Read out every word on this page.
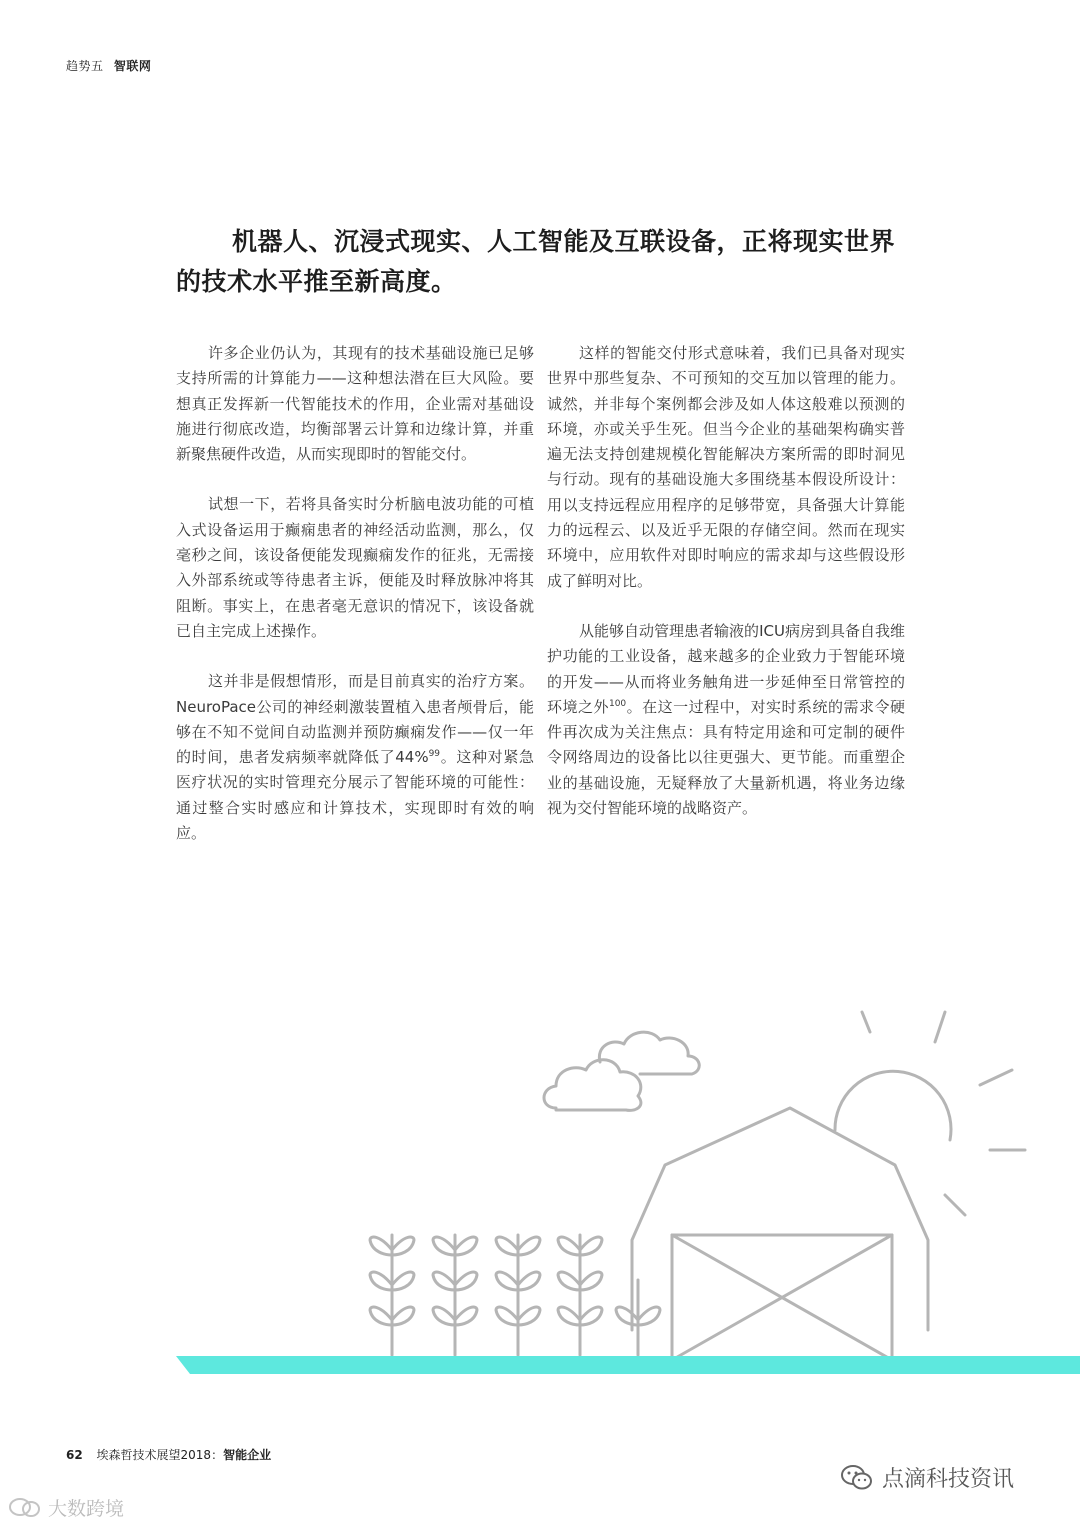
趋势五 智联网
机器人、沉浸式现实、人工智能及互联设备，正将现实世界的技术水平推至新高度。

许多企业仍认为，其现有的技术基础设施已足够支持所需的计算能力——这种想法潜在巨大风险。要想真正发挥新一代智能技术的作用，企业需对基础设施进行彻底改造，均衡部署云计算和边缘计算，并重新聚焦硬件改造，从而实现即时的智能交付。

试想一下，若将具备实时分析脑电波功能的可植入式设备运用于癫痫患者的神经活动监测，那么，仅毫秒之间，该设备便能发现癫痫发作的征兆，无需接入外部系统或等待患者主诉，便能及时释放脉冲将其阻断。事实上，在患者毫无意识的情况下，该设备就已自主完成上述操作。

这并非是假想情形，而是目前真实的治疗方案。NeuroPace公司的神经刺激装置植入患者颅骨后，能够在不知不觉间自动监测并预防癫痫发作——仅一年的时间，患者发病频率就降低了44%$^{99}$。这种对紧急医疗状况的实时管理充分展示了智能环境的可能性：通过整合实时感应和计算技术，实现即时有效的响应。

这样的智能交付形式意味着，我们已具备对现实世界中那些复杂、不可预知的交互加以管理的能力。诚然，并非每个案例都会涉及如人体这般难以预测的环境，亦或关乎生死。但当今企业的基础架构确实普遍无法支持创建规模化智能解决方案所需的即时洞见与行动。现有的基础设施大多围绕基本假设所设计：用以支持远程应用程序的足够带宽，具备强大计算能力的远程云、以及近乎无限的存储空间。然而在现实环境中，应用软件对即时响应的需求却与这些假设形成了鲜明对比。

从能够自动管理患者输液的ICU病房到具备自我维护功能的工业设备，越来越多的企业致力于智能环境的开发——从而将业务触角进一步延伸至日常管控的环境之外$^{100}$。在这一过程中，对实时系统的需求令硬件再次成为关注焦点：具有特定用途和可定制的硬件令网络周边的设备比以往更强大、更节能。而重塑企业的基础设施，无疑释放了大量新机遇，将业务边缘视为交付智能环境的战略资产。

62 埃森哲技术展望2018：智能企业
点滴科技资讯
大数跨境
